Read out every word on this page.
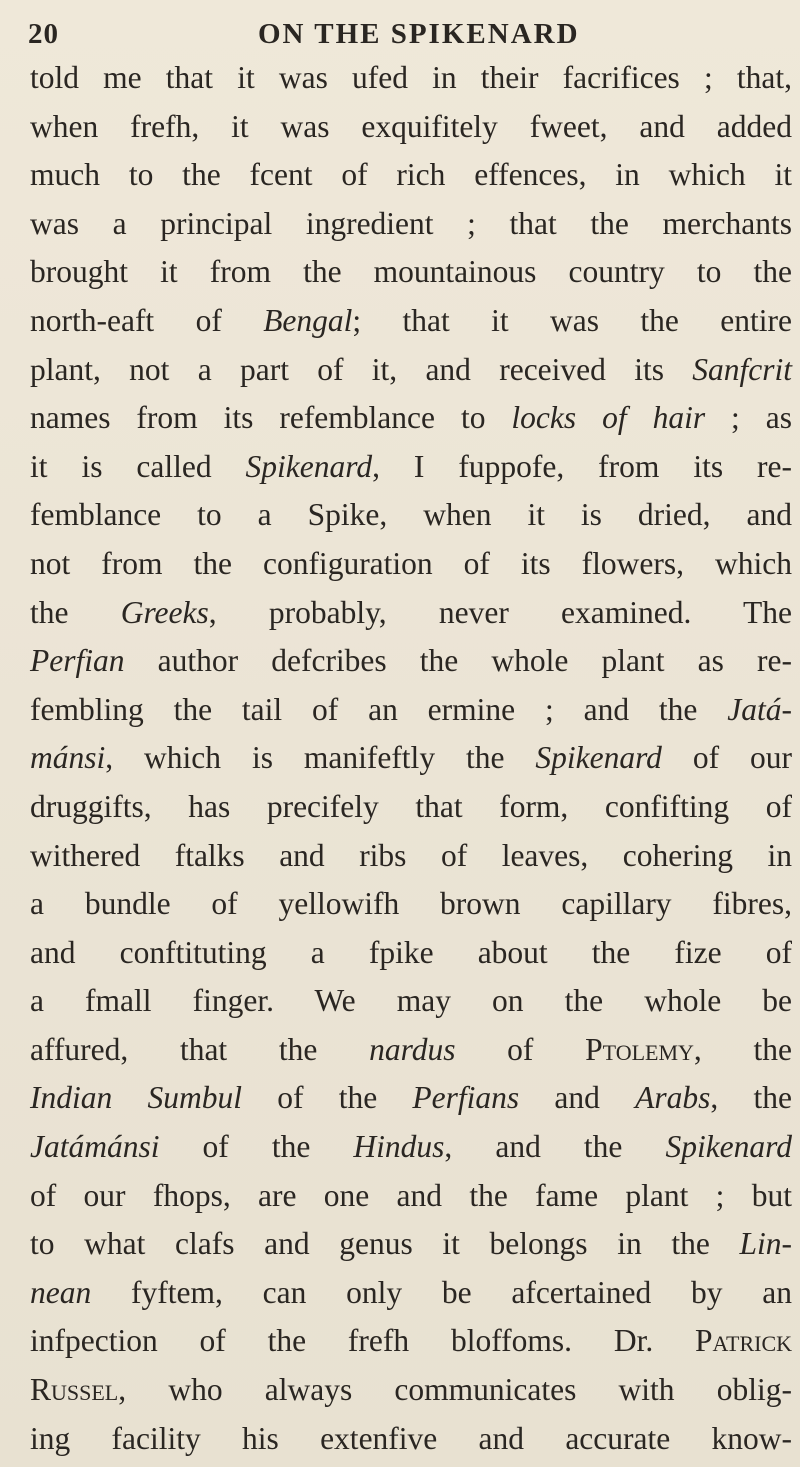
20	ON THE SPIKENARD
told me that it was ufed in their facrifices ; that,
when frefh, it was exquifitely fweet, and added
much to the fcent of rich effences, in which it
was a principal ingredient ; that the merchants
brought it from the mountainous country to the
north-eaft of Bengal; that it was the entire
plant, not a part of it, and received its Sanfcrit
names from its refemblance to locks of hair ; as
it is called Spikenard, I fuppofe, from its re-
femblance to a Spike, when it is dried, and
not from the configuration of its flowers, which
the Greeks, probably, never examined. The
Perfian author defcribes the whole plant as re-
fembling the tail of an ermine ; and the Jatá-
mánsi, which is manifeftly the Spikenard of our
druggifts, has precifely that form, confifting of
withered ftalks and ribs of leaves, cohering in
a bundle of yellowifh brown capillary fibres,
and conftituting a fpike about the fize of
a fmall finger. We may on the whole be
affured, that the nardus of Ptolemy, the
Indian Sumbul of the Perfians and Arabs, the
Jatámánsi of the Hindus, and the Spikenard
of our fhops, are one and the fame plant ; but
to what clafs and genus it belongs in the Lin-
nean fyftem, can only be afcertained by an
infpection of the frefh bloffoms. Dr. Patrick
Russel, who always communicates with oblig-
ing facility his extenfive and accurate know-
